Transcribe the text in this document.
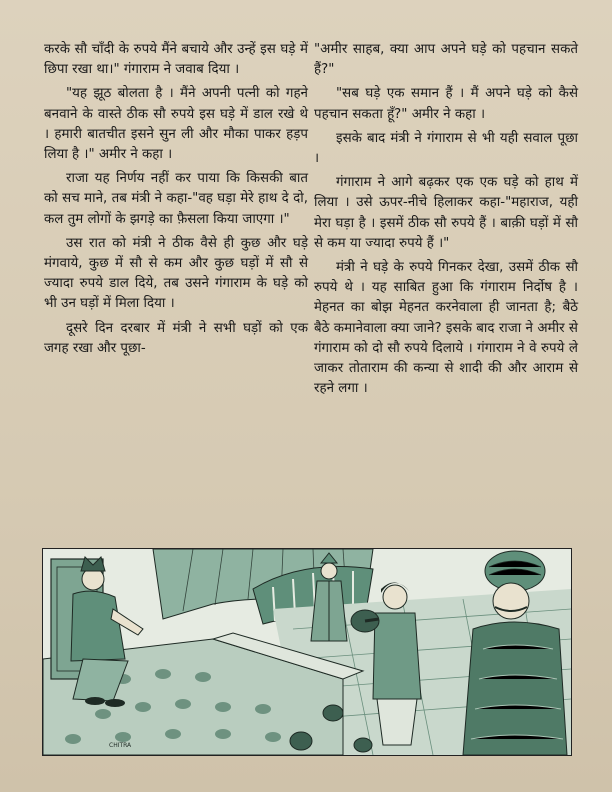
करके सौ चाँदी के रुपये मैंने बचाये और उन्हें इस घड़े में छिपा रखा था।" गंगाराम ने जवाब दिया ।

"यह झूठ बोलता है । मैंने अपनी पत्नी को गहने बनवाने के वास्ते ठीक सौ रुपये इस घड़े में डाल रखे थे । हमारी बातचीत इसने सुन ली और मौका पाकर हड़प लिया है ।" अमीर ने कहा ।

राजा यह निर्णय नहीं कर पाया कि किसकी बात को सच माने, तब मंत्री ने कहा-"वह घड़ा मेरे हाथ दे दो, कल तुम लोगों के झगड़े का फ़ैसला किया जाएगा ।"

उस रात को मंत्री ने ठीक वैसे ही कुछ और घड़े मंगवाये, कुछ में सौ से कम और कुछ घड़ों में सौ से ज्यादा रुपये डाल दिये, तब उसने गंगाराम के घड़े को भी उन घड़ों में मिला दिया ।

दूसरे दिन दरबार में मंत्री ने सभी घड़ों को एक जगह रखा और पूछा-

"अमीर साहब, क्या आप अपने घड़े को पहचान सकते हैं?"

"सब घड़े एक समान हैं । मैं अपने घड़े को कैसे पहचान सकता हूँ?" अमीर ने कहा ।

इसके बाद मंत्री ने गंगाराम से भी यही सवाल पूछा ।

गंगाराम ने आगे बढ़कर एक एक घड़े को हाथ में लिया । उसे ऊपर-नीचे हिलाकर कहा-"महाराज, यही मेरा घड़ा है । इसमें ठीक सौ रुपये हैं । बाक़ी घड़ों में सौ से कम या ज्यादा रुपये हैं ।"

मंत्री ने घड़े के रुपये गिनकर देखा, उसमें ठीक सौ रुपये थे । यह साबित हुआ कि गंगाराम निर्दोष है । मेहनत का बोझ मेहनत करनेवाला ही जानता है; बैठे बैठे कमानेवाला क्या जाने? इसके बाद राजा ने अमीर से गंगाराम को दो सौ रुपये दिलाये । गंगाराम ने वे रुपये ले जाकर तोताराम की कन्या से शादी की और आराम से रहने लगा ।

CHITRA
